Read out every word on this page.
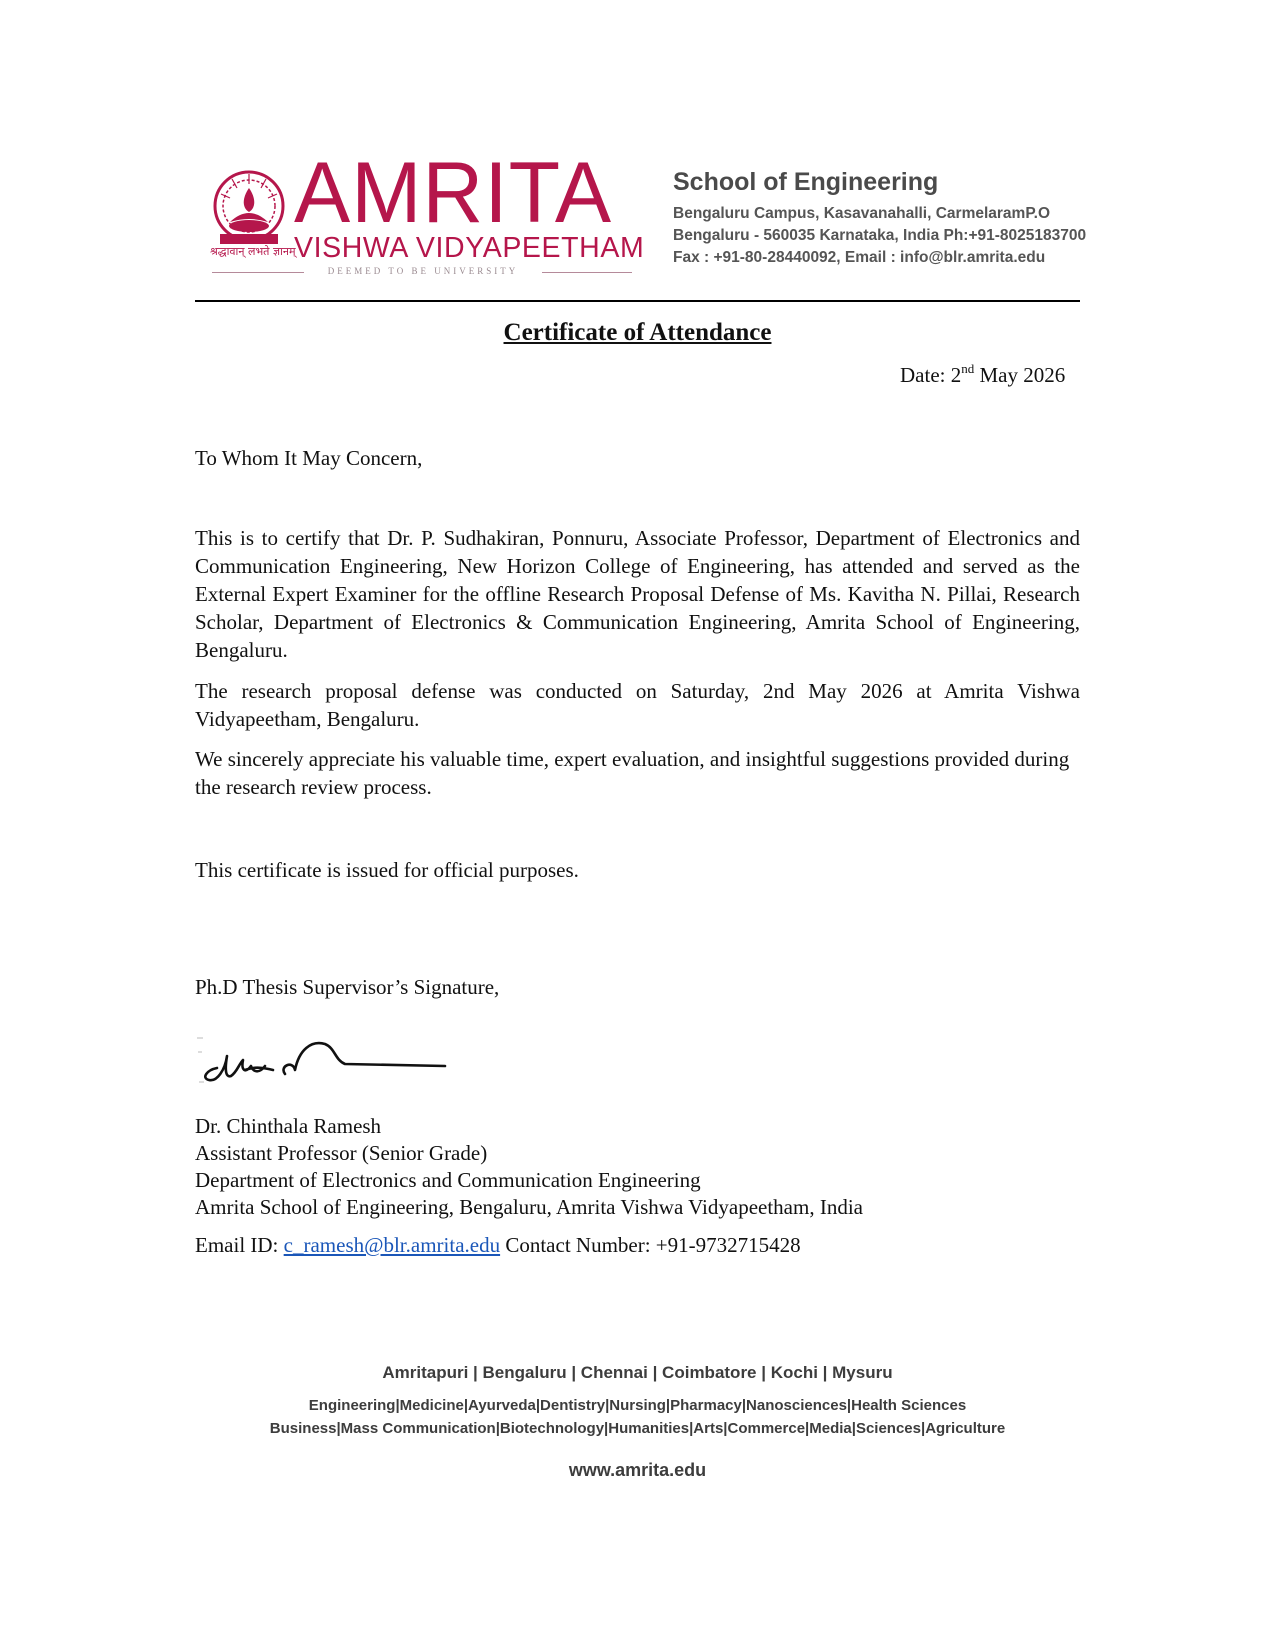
AMRITA
VISHWA VIDYAPEETHAM
श्रद्धावान् लभते ज्ञानम्
DEEMED TO BE UNIVERSITY
School of Engineering
Bengaluru Campus, Kasavanahalli, CarmelaramP.O
Bengaluru - 560035 Karnataka, India Ph:+91-8025183700
Fax : +91-80-28440092, Email : info@blr.amrita.edu
Certificate of Attendance
Date: 2nd May 2026
To Whom It May Concern,
This is to certify that Dr. P. Sudhakiran, Ponnuru, Associate Professor, Department of Electronics and Communication Engineering, New Horizon College of Engineering, has attended and served as the External Expert Examiner for the offline Research Proposal Defense of Ms. Kavitha N. Pillai, Research Scholar, Department of Electronics & Communication Engineering, Amrita School of Engineering, Bengaluru.
The research proposal defense was conducted on Saturday, 2nd May 2026 at Amrita Vishwa Vidyapeetham, Bengaluru.
We sincerely appreciate his valuable time, expert evaluation, and insightful suggestions provided during the research review process.
This certificate is issued for official purposes.
Ph.D Thesis Supervisor’s Signature,
Dr. Chinthala Ramesh
Assistant Professor (Senior Grade)
Department of Electronics and Communication Engineering
Amrita School of Engineering, Bengaluru, Amrita Vishwa Vidyapeetham, India
Email ID: c_ramesh@blr.amrita.edu Contact Number: +91-9732715428
Amritapuri | Bengaluru | Chennai | Coimbatore | Kochi | Mysuru
Engineering|Medicine|Ayurveda|Dentistry|Nursing|Pharmacy|Nanosciences|Health Sciences
Business|Mass Communication|Biotechnology|Humanities|Arts|Commerce|Media|Sciences|Agriculture
www.amrita.edu
